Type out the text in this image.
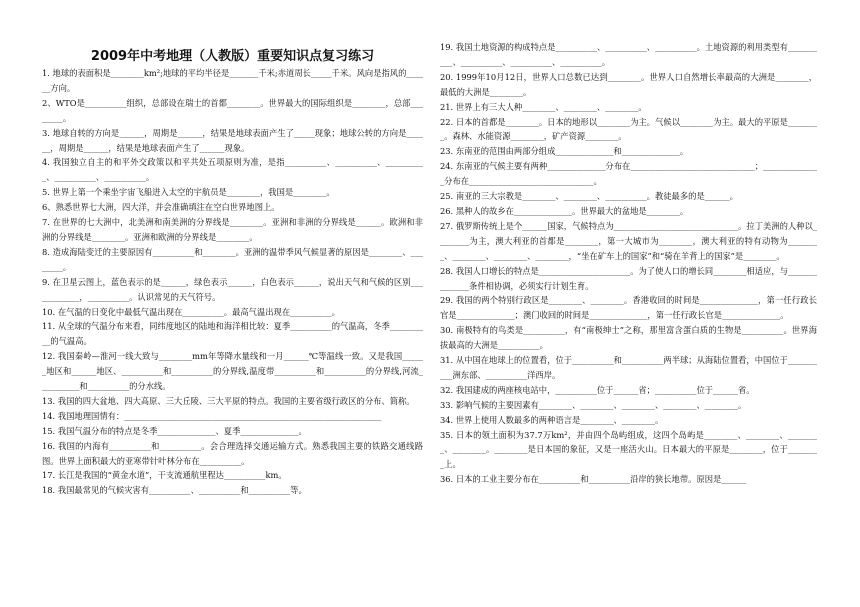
2009年中考地理（人教版）重要知识点复习练习

1. 地球的表面积是________km²;地球的平均半径是_______千米;赤道周长_____千米。风向是指风的______方向。

2、WTO是__________组织，总部设在瑞士的首都________。世界最大的国际组织是________，总部________。

3. 地球自转的方向是______，周期是______，结果是地球表面产生了_____现象；地球公转的方向是______，周期是______，结果是地球表面产生了______现象。

4. 我国独立自主的和平外交政策以和平共处五项原则为准，是指__________、__________、__________、__________、__________。

5. 世界上第一个乘坐宇宙飞船进入太空的宇航员是________，我国是________。

6、熟悉世界七大洲，四大洋，并会准确填注在空白世界地图上。

7. 在世界的七大洲中，北美洲和南美洲的分界线是________。亚洲和非洲的分界线是______。欧洲和非洲的分界线是________。亚洲和欧洲的分界线是________。

8. 造成海陆变迁的主要原因有__________和________。亚洲的温带季风气候显著的原因是________、________。

9. 在卫星云图上，蓝色表示的是______，绿色表示______，白色表示______，说出天气和气候的区别____________，__________。认识常见的天气符号。

10. 在气温的日变化中最低气温出现在__________。最高气温出现在__________。

11. 从全球的气温分布来看，同纬度地区的陆地和海洋相比较：夏季__________的气温高，冬季__________的气温高。

12. 我国秦岭—淮河一线大致与________mm年等降水量线和一月______℃等温线一致。又是我国______地区和______地区、__________和__________的分界线,温度带__________和__________的分界线,河流__________和__________的分水线。

13. 我国的四大盆地、四大高原、三大丘陵、三大平原的特点。我国的主要省级行政区的分布、简称。

14. 我国地理国情有：______________________________________________________________

15. 我国气温分布的特点是冬季______________、夏季______________。

16. 我国的内海有__________和__________。会合理选择交通运输方式。熟悉我国主要的铁路交通线路图。世界上面积最大的亚寒带针叶林分布在__________。

17. 长江是我国的“黄金水道”，干支流通航里程达__________km。

18. 我国最常见的气候灾害有__________、__________和__________等。

19. 我国土地资源的构成特点是__________、__________、__________。土地资源的利用类型有__________、__________、__________、__________。

20. 1999年10月12日，世界人口总数已达到________。世界人口自然增长率最高的大洲是________，最低的大洲是________。

21. 世界上有三大人种________、________、________。

22. 日本的首都是________。日本的地形以________为主。气候以________为主。最大的平原是________。森林、水能资源________，矿产资源________。

23. 东南亚的范围由两部分组成______________和______________。

24. 东南亚的气候主要有两种______________分布在______________________________；______________分布在______________________________。

25. 南亚的三大宗教是________、________、__________。教徒最多的是______。

26. 黑种人的故乡在______________。世界最大的盆地是________。

27. 俄罗斯传统上是个______国家，气候特点为______________________________。拉丁美洲的人种以________为主，澳大利亚的首都是________，第一大城市为________，澳大利亚的特有动物为________、________、________、________，“坐在矿车上的国家”和“骑在羊背上的国家”是________。

28. 我国人口增长的特点是______________________。为了使人口的增长同________相适应，与______________条件相协调，必须实行计划生育。

29. 我国的两个特别行政区是________、________。香港收回的时间是______________，第一任行政长官是______________；澳门收回的时间是______________，第一任行政长官是______________。

30. 南极特有的鸟类是__________，有“南极绅士”之称，那里富含蛋白质的生物是__________。世界海拔最高的大洲是__________。

31. 从中国在地球上的位置看，位于__________和__________两半球；从海陆位置看，中国位于__________洲东部、__________洋西岸。

32. 我国建成的两座核电站中，__________位于______省；__________位于______省。

33. 影响气候的主要因素有________、________、________、________、________。

34. 世界上使用人数最多的两种语言是________、________。

35. 日本的领土面积为37.7万km²，并由四个岛屿组成，这四个岛屿是________、________、________、________。________是日本国的象征，又是一座活火山。日本最大的平原是________，位于________上。

36. 日本的工业主要分布在__________和__________沿岸的狭长地带。原因是______
